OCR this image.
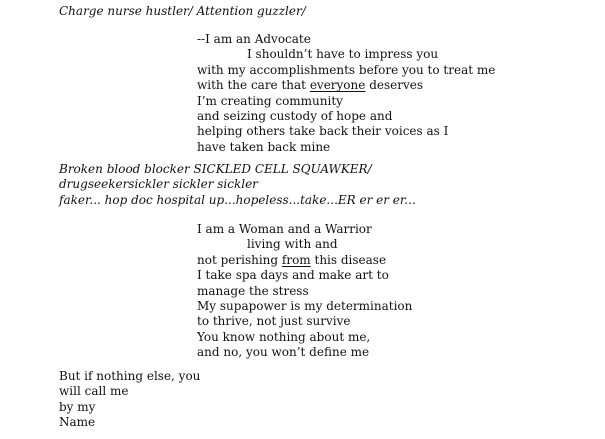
Charge nurse hustler/ Attention guzzler/
--I am an Advocate
I shouldn’t have to impress you
with my accomplishments before you to treat me
with the care that everyone deserves
I’m creating community
and seizing custody of hope and
helping others take back their voices as I
have taken back mine
Broken blood blocker SICKLED CELL SQUAWKER/
drugseekersickler sickler sickler
faker... hop doc hospital up...hopeless...take...ER er er er...
I am a Woman and a Warrior
living with and
not perishing from this disease
I take spa days and make art to
manage the stress
My supapower is my determination
to thrive, not just survive
You know nothing about me,
and no, you won’t define me
But if nothing else, you
will call me
by my
Name
